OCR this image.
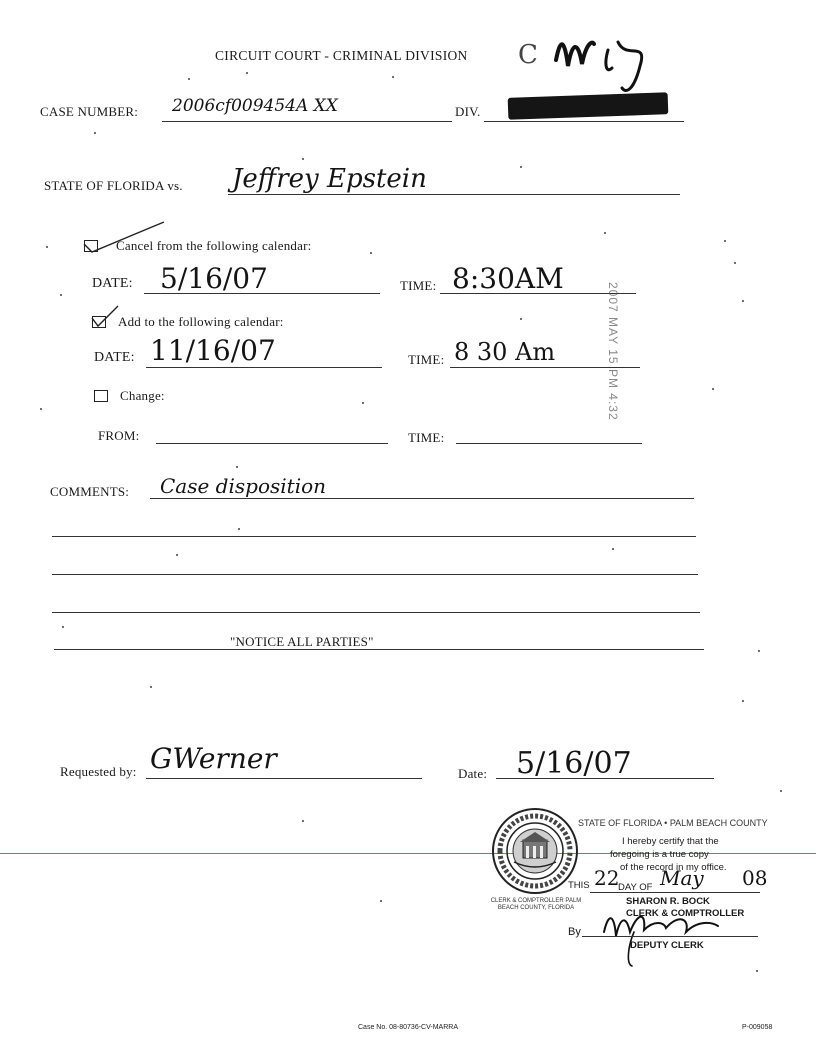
CIRCUIT COURT - CRIMINAL DIVISION C
CASE NUMBER: 2006cf009454A XX	DIV.
STATE OF FLORIDA vs. Jeffrey Epstein
Cancel from the following calendar:
DATE: 5/16/07	TIME: 8:30AM
2007 MAY 15 PM 4:32
Add to the following calendar:
DATE: 11/16/07	TIME: 8 30 Am
Change:
FROM:	TIME:
COMMENTS: Case disposition
"NOTICE ALL PARTIES"
Requested by: GWerner	Date: 5/16/07
CLERK & COMPTROLLER PALM BEACH COUNTY, FLORIDA
STATE OF FLORIDA • PALM BEACH COUNTY
I hereby certify that the
foregoing is a true copy
of the record in my office.
THIS 22
DAY OF May 08
SHARON R. BOCK
CLERK & COMPTROLLER
By
DEPUTY CLERK
Case No. 08-80736-CV-MARRA	P-009058
